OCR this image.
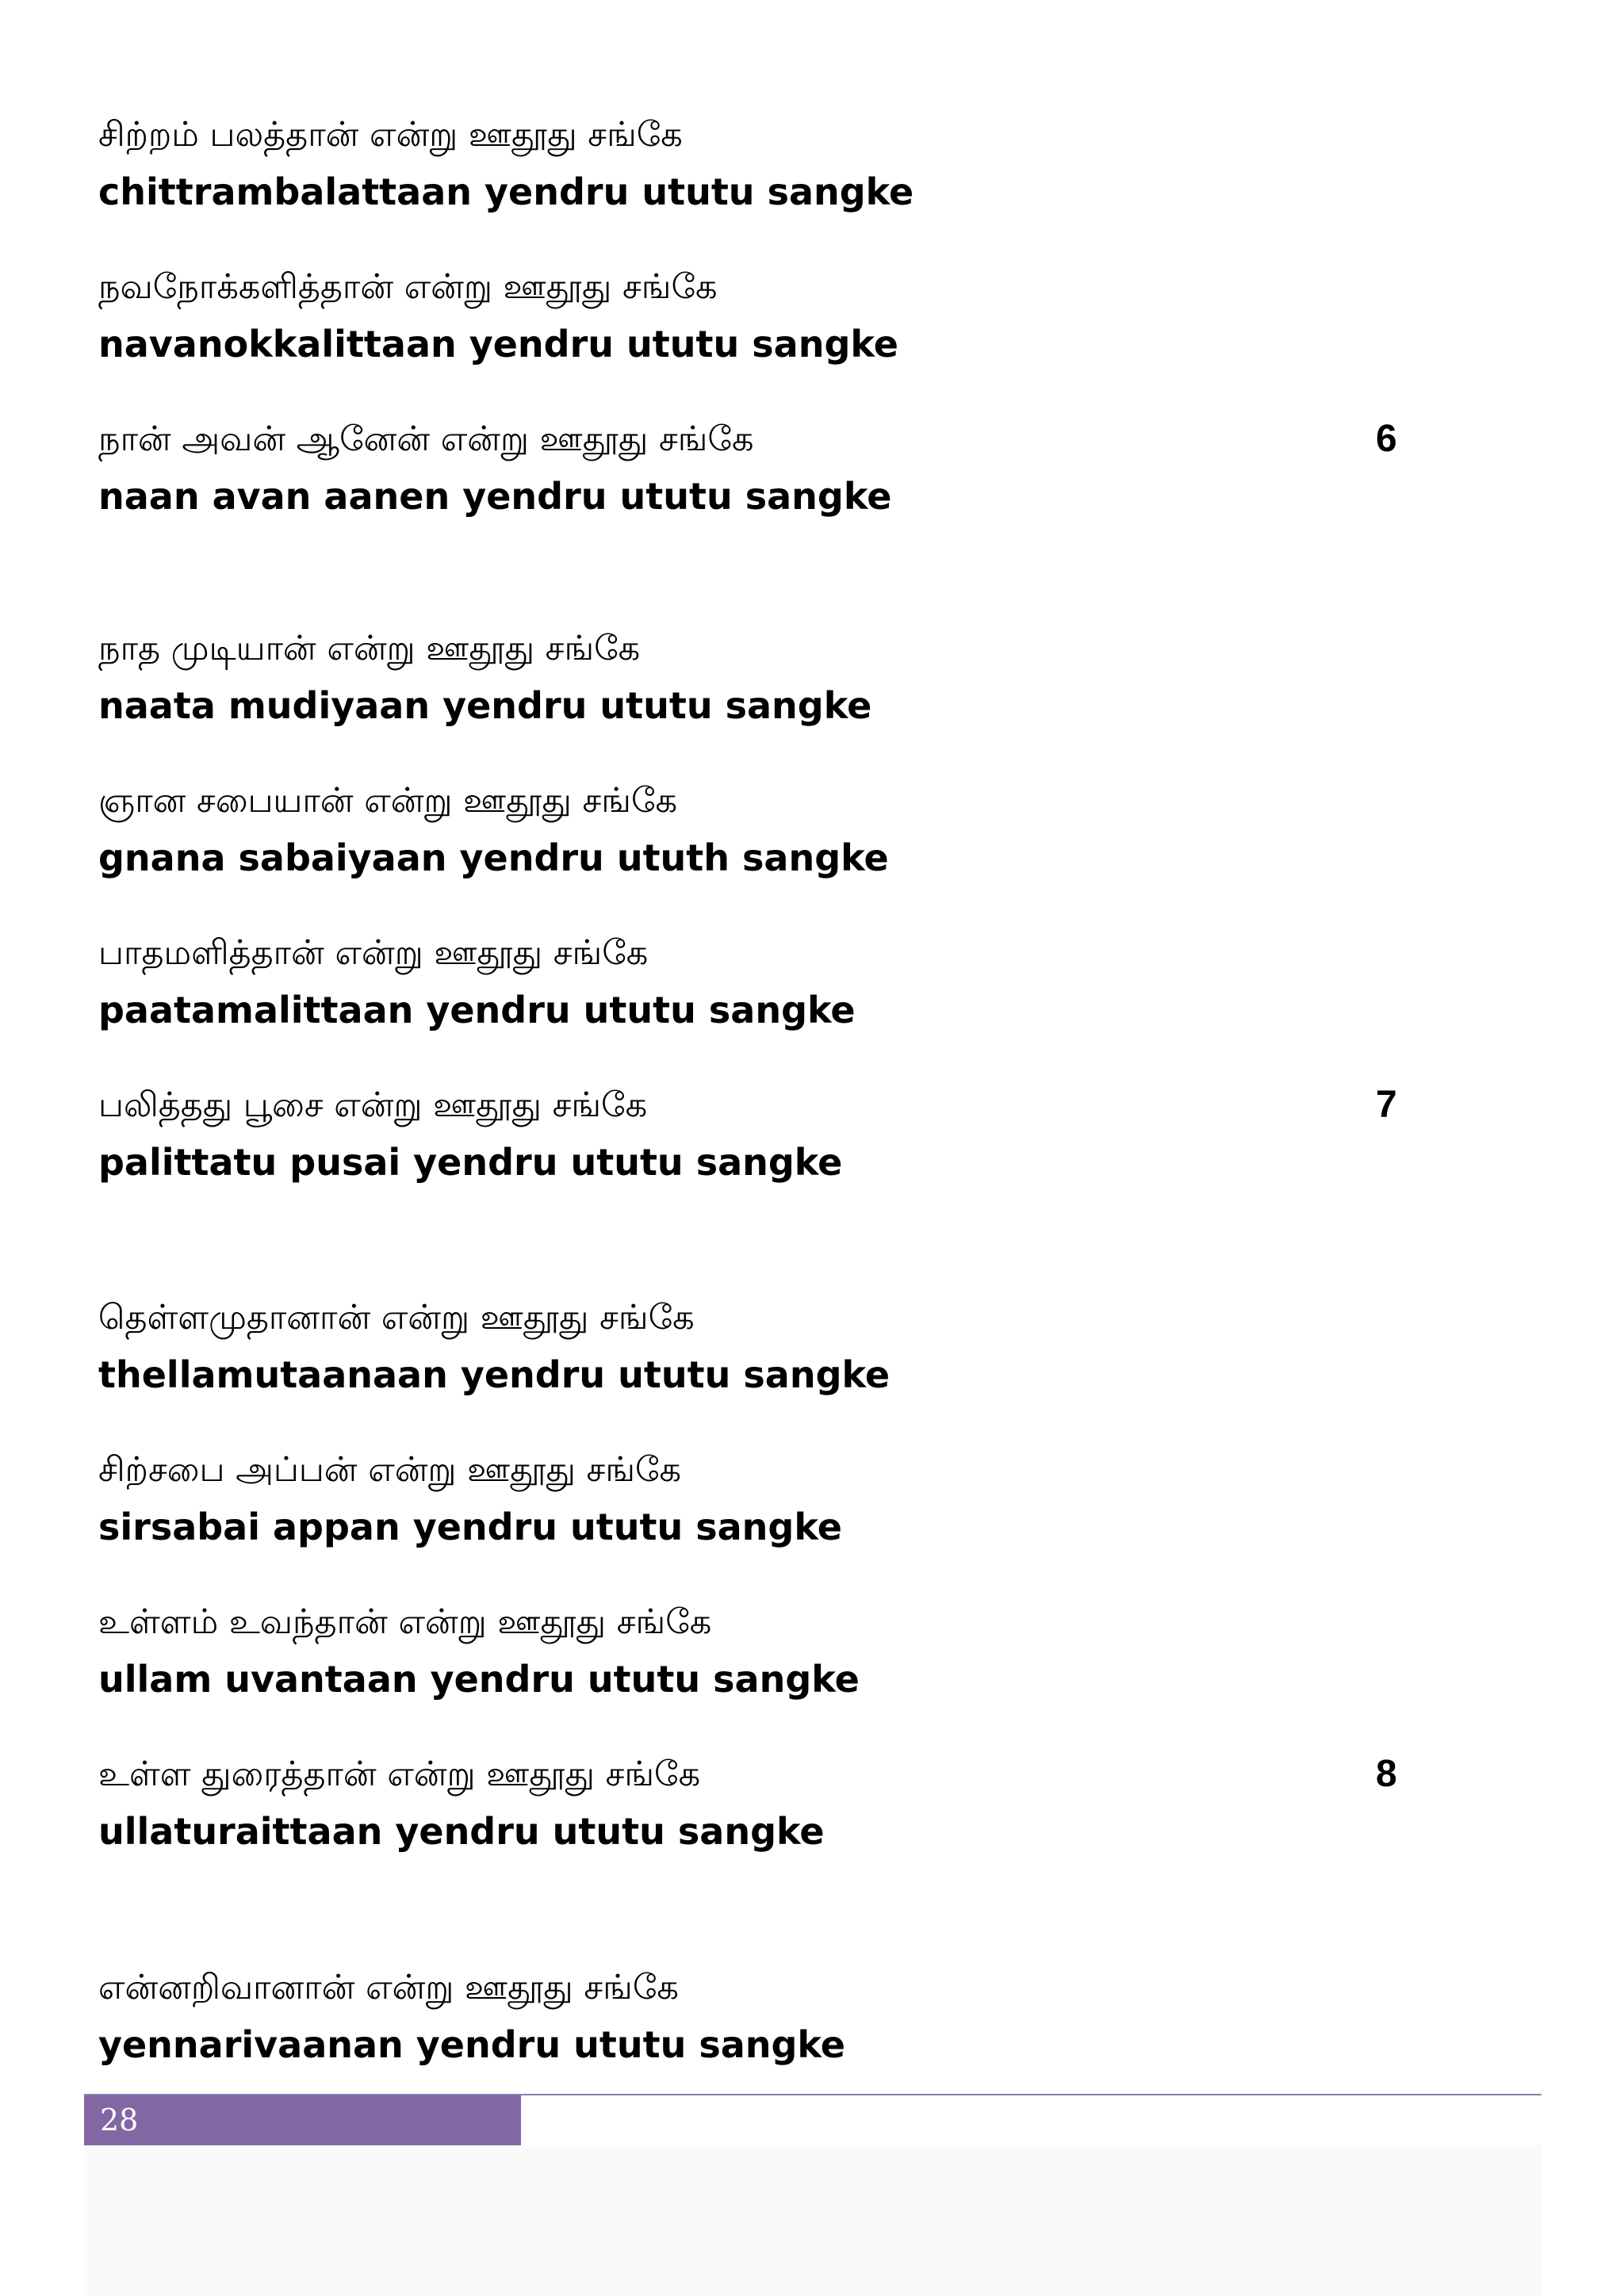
சிற்றம் பலத்தான் என்று ஊதூது சங்கே
chittrambalattaan yendru ututu sangke
நவநோக்களித்தான் என்று ஊதூது சங்கே
navanokkalittaan yendru ututu sangke
நான் அவன் ஆனேன் என்று ஊதூது சங்கே
naan avan aanen yendru ututu sangke
6
நாத முடியான் என்று ஊதூது சங்கே
naata mudiyaan yendru ututu sangke
ஞான சபையான் என்று ஊதூது சங்கே
gnana sabaiyaan yendru ututh sangke
பாதமளித்தான் என்று ஊதூது சங்கே
paatamalittaan yendru ututu sangke
பலித்தது பூசை என்று ஊதூது சங்கே
palittatu pusai yendru ututu sangke
7
தெள்ளமுதானான் என்று ஊதூது சங்கே
thellamutaanaan yendru ututu sangke
சிற்சபை அப்பன் என்று ஊதூது சங்கே
sirsabai appan yendru ututu sangke
உள்ளம் உவந்தான் என்று ஊதூது சங்கே
ullam uvantaan yendru ututu sangke
உள்ள துரைத்தான் என்று ஊதூது சங்கே
ullaturaittaan yendru ututu sangke
8
என்னறிவானான் என்று ஊதூது சங்கே
yennarivaanan yendru ututu sangke
28
